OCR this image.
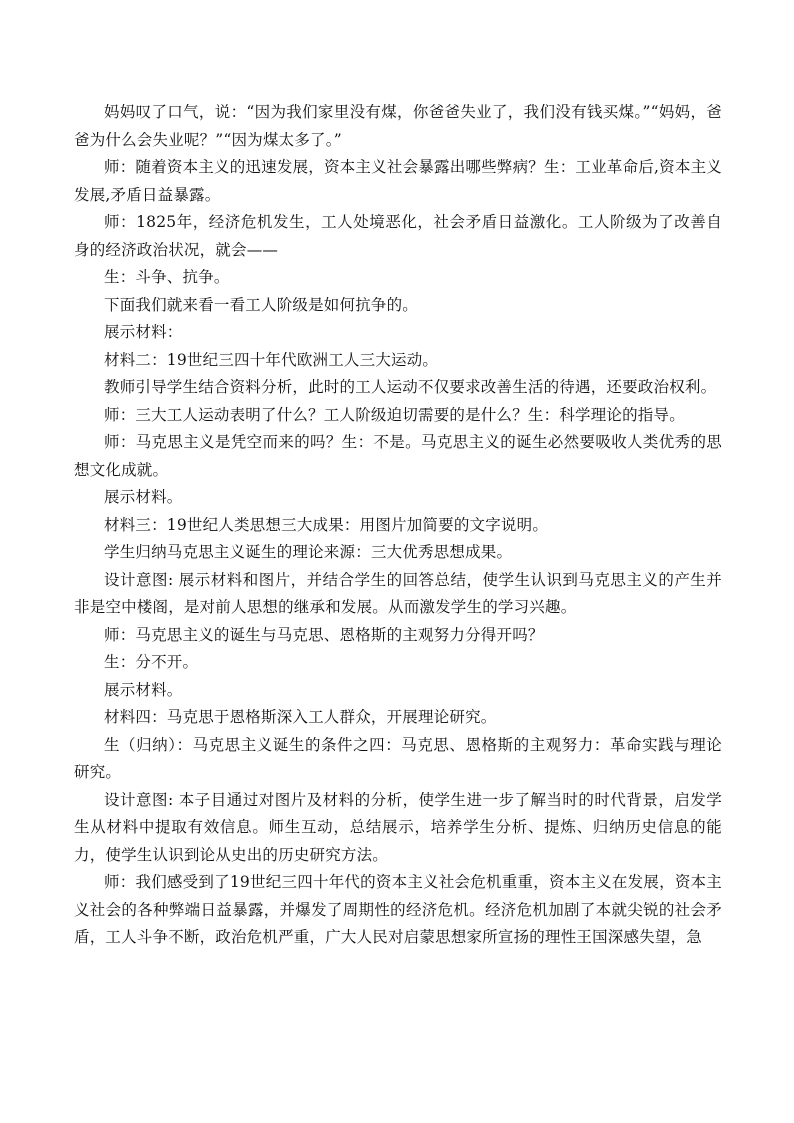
妈妈叹了口气，说：“因为我们家里没有煤，你爸爸失业了，我们没有钱买煤。”“妈妈，爸爸为什么会失业呢？”“因为煤太多了。”

师：随着资本主义的迅速发展，资本主义社会暴露出哪些弊病？生：工业革命后,资本主义发展,矛盾日益暴露。

师：1825年，经济危机发生，工人处境恶化，社会矛盾日益激化。工人阶级为了改善自身的经济政治状况，就会——

生：斗争、抗争。

下面我们就来看一看工人阶级是如何抗争的。

展示材料：

材料二：19世纪三四十年代欧洲工人三大运动。

教师引导学生结合资料分析，此时的工人运动不仅要求改善生活的待遇，还要政治权利。

师：三大工人运动表明了什么？工人阶级迫切需要的是什么？生：科学理论的指导。

师：马克思主义是凭空而来的吗？生：不是。马克思主义的诞生必然要吸收人类优秀的思想文化成就。

展示材料。

材料三：19世纪人类思想三大成果：用图片加简要的文字说明。

学生归纳马克思主义诞生的理论来源：三大优秀思想成果。

设计意图: 展示材料和图片，并结合学生的回答总结，使学生认识到马克思主义的产生并非是空中楼阁，是对前人思想的继承和发展。从而激发学生的学习兴趣。

师：马克思主义的诞生与马克思、恩格斯的主观努力分得开吗？

生：分不开。

展示材料。

材料四：马克思于恩格斯深入工人群众，开展理论研究。

生（归纳）：马克思主义诞生的条件之四：马克思、恩格斯的主观努力：革命实践与理论研究。

设计意图: 本子目通过对图片及材料的分析，使学生进一步了解当时的时代背景，启发学生从材料中提取有效信息。师生互动，总结展示，培养学生分析、提炼、归纳历史信息的能力，使学生认识到论从史出的历史研究方法。

师：我们感受到了19世纪三四十年代的资本主义社会危机重重，资本主义在发展，资本主义社会的各种弊端日益暴露，并爆发了周期性的经济危机。经济危机加剧了本就尖锐的社会矛盾，工人斗争不断，政治危机严重，广大人民对启蒙思想家所宣扬的理性王国深感失望，急
